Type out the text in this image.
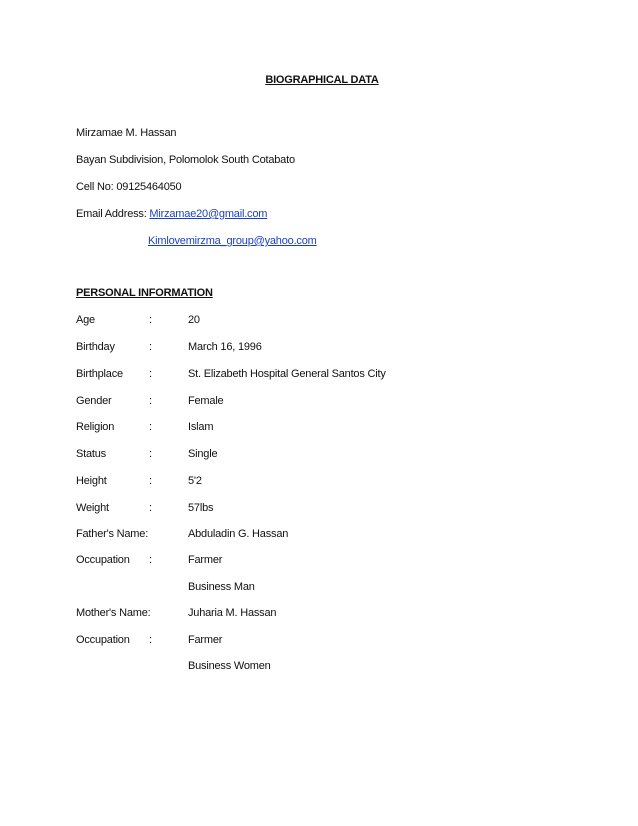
BIOGRAPHICAL DATA
Mirzamae M. Hassan
Bayan Subdivision, Polomolok South Cotabato
Cell No: 09125464050
Email Address: Mirzamae20@gmail.com
Kimlovemirzma_group@yahoo.com
PERSONAL INFORMATION
Age	:	20
Birthday	:	March 16, 1996
Birthplace :	St. Elizabeth Hospital General Santos City
Gender	:	Female
Religion	:	Islam
Status	:	Single
Height	:	5'2
Weight	:	57lbs
Father's Name:	Abduladin G. Hassan
Occupation :	Farmer
Business Man
Mother's Name:	Juharia M. Hassan
Occupation :	Farmer
Business Women
